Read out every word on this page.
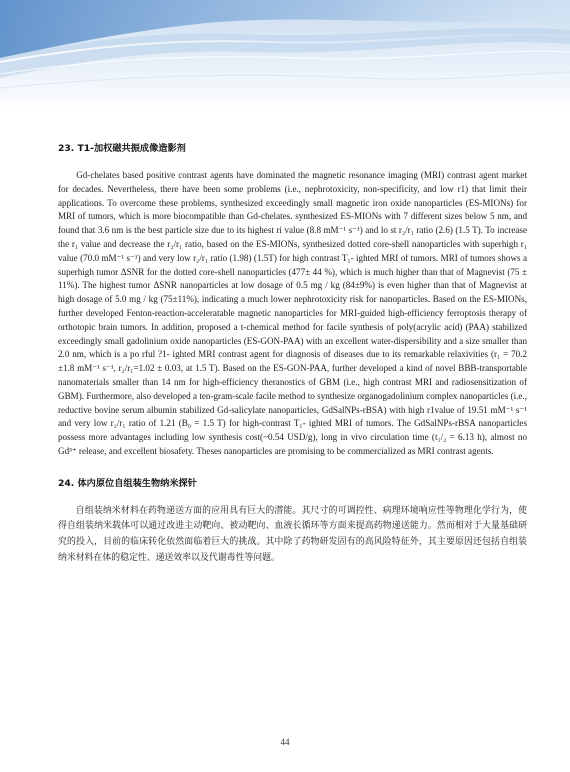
23. T1-加权磁共振成像造影剂

Gd-chelates based positive contrast agents have dominated the magnetic resonance imaging (MRI) contrast agent market for decades. Nevertheless, there have been some problems (i.e., nephrotoxicity, non-specificity, and low r1) that limit their applications. To overcome these problems, synthesized exceedingly small magnetic iron oxide nanoparticles (ES-MIONs) for MRI of tumors, which is more biocompatible than Gd-chelates. synthesized ES-MIONs with 7 different sizes below 5 nm, and found that 3.6 nm is the best particle size due to its highest ri value (8.8 mM⁻¹ s⁻¹) and lo st r₂/r₁ ratio (2.6) (1.5 T). To increase the r₁ value and decrease the r₂/r₁ ratio, based on the ES-MIONs, synthesized dotted core-shell nanoparticles with superhigh r₁ value (70.0 mM⁻¹ s⁻¹) and very low r₂/r₁ ratio (1.98) (1.5T) for high contrast T₁- ighted MRI of tumors. MRI of tumors shows a superhigh tumor ΔSNR for the dotted core-shell nanoparticles (477± 44 %), which is much higher than that of Magnevist (75 ± 11%). The highest tumor ΔSNR nanoparticles at low dosage of 0.5 mg / kg (84±9%) is even higher than that of Magnevist at high dosage of 5.0 mg / kg (75±11%), indicating a much lower nephrotoxicity risk for nanoparticles. Based on the ES-MIONs, further developed Fenton-reaction-acceleratable magnetic nanoparticles for MRI-guided high-efficiency ferroptosis therapy of orthotopic brain tumors. In addition, proposed a t-chemical method for facile synthesis of poly(acrylic acid) (PAA) stabilized exceedingly small gadolinium oxide nanoparticles (ES-GON-PAA) with an excellent water-dispersibility and a size smaller than 2.0 nm, which is a po rful ?1- ighted MRI contrast agent for diagnosis of diseases due to its remarkable relaxivities (r₁ = 70.2 ±1.8 mM⁻¹ s⁻¹, r₂/r₁=1.02 ± 0.03, at 1.5 T). Based on the ES-GON-PAA, further developed a kind of novel BBB-transportable nanomaterials smaller than 14 nm for high-efficiency theranostics of GBM (i.e., high contrast MRI and radiosensitization of GBM). Furthermore, also developed a ten-gram-scale facile method to synthesize organogadolinium complex nanoparticles (i.e., reductive bovine serum albumin stabilized Gd-salicylate nanoparticles, GdSalNPs-rBSA) with high r1value of 19.51 mM⁻¹ s⁻¹ and very low r₂/r₁ ratio of 1.21 (B₀ = 1.5 T) for high-contrast T₁- ighted MRI of tumors. The GdSalNPs-rBSA nanoparticles possess more advantages including low synthesis cost(~0.54 USD/g), long in vivo circulation time (t₁/₂ = 6.13 h), almost no Gd³⁺ release, and excellent biosafety. Theses nanoparticles are promising to be commercialized as MRI contrast agents.

24. 体内原位自组装生物纳米探针

自组装纳米材料在药物递送方面的应用具有巨大的潜能。其尺寸的可调控性、病理环境响应性等物理化学行为，使得自组装纳米载体可以通过改进主动靶向、被动靶向、血液长循环等方面来提高药物递送能力。然而相对于大量基础研究的投入，目前的临床转化依然面临着巨大的挑战。其中除了药物研发固有的高风险特征外，其主要原因还包括自组装纳米材料在体的稳定性、递送效率以及代谢毒性等问题。

44
